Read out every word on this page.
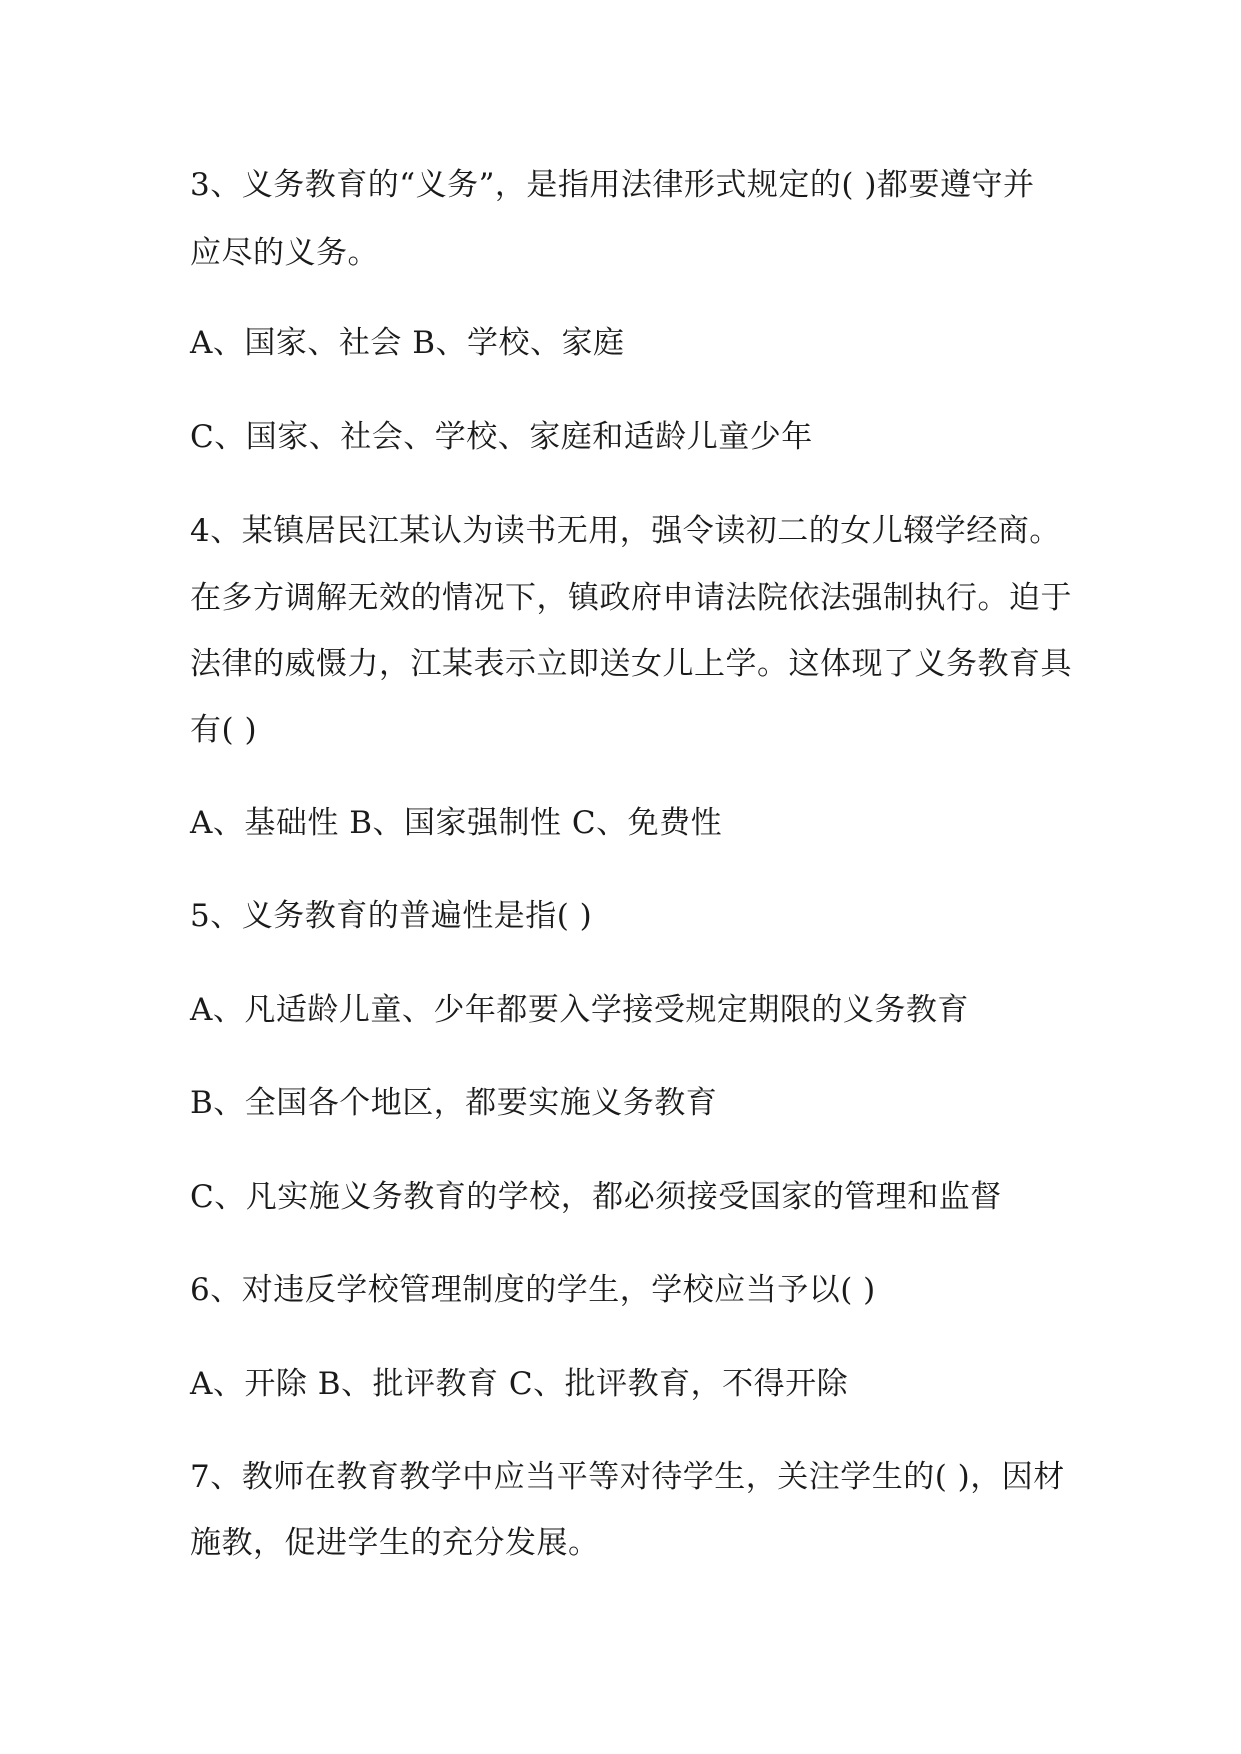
3、义务教育的“义务”，是指用法律形式规定的( )都要遵守并

应尽的义务。

A、国家、社会 B、学校、家庭

C、国家、社会、学校、家庭和适龄儿童少年

4、某镇居民江某认为读书无用，强令读初二的女儿辍学经商。

在多方调解无效的情况下，镇政府申请法院依法强制执行。迫于

法律的威慑力，江某表示立即送女儿上学。这体现了义务教育具

有( )

A、基础性 B、国家强制性 C、免费性

5、义务教育的普遍性是指( )

A、凡适龄儿童、少年都要入学接受规定期限的义务教育

B、全国各个地区，都要实施义务教育

C、凡实施义务教育的学校，都必须接受国家的管理和监督

6、对违反学校管理制度的学生，学校应当予以( )

A、开除 B、批评教育 C、批评教育，不得开除

7、教师在教育教学中应当平等对待学生，关注学生的( )，因材

施教，促进学生的充分发展。
